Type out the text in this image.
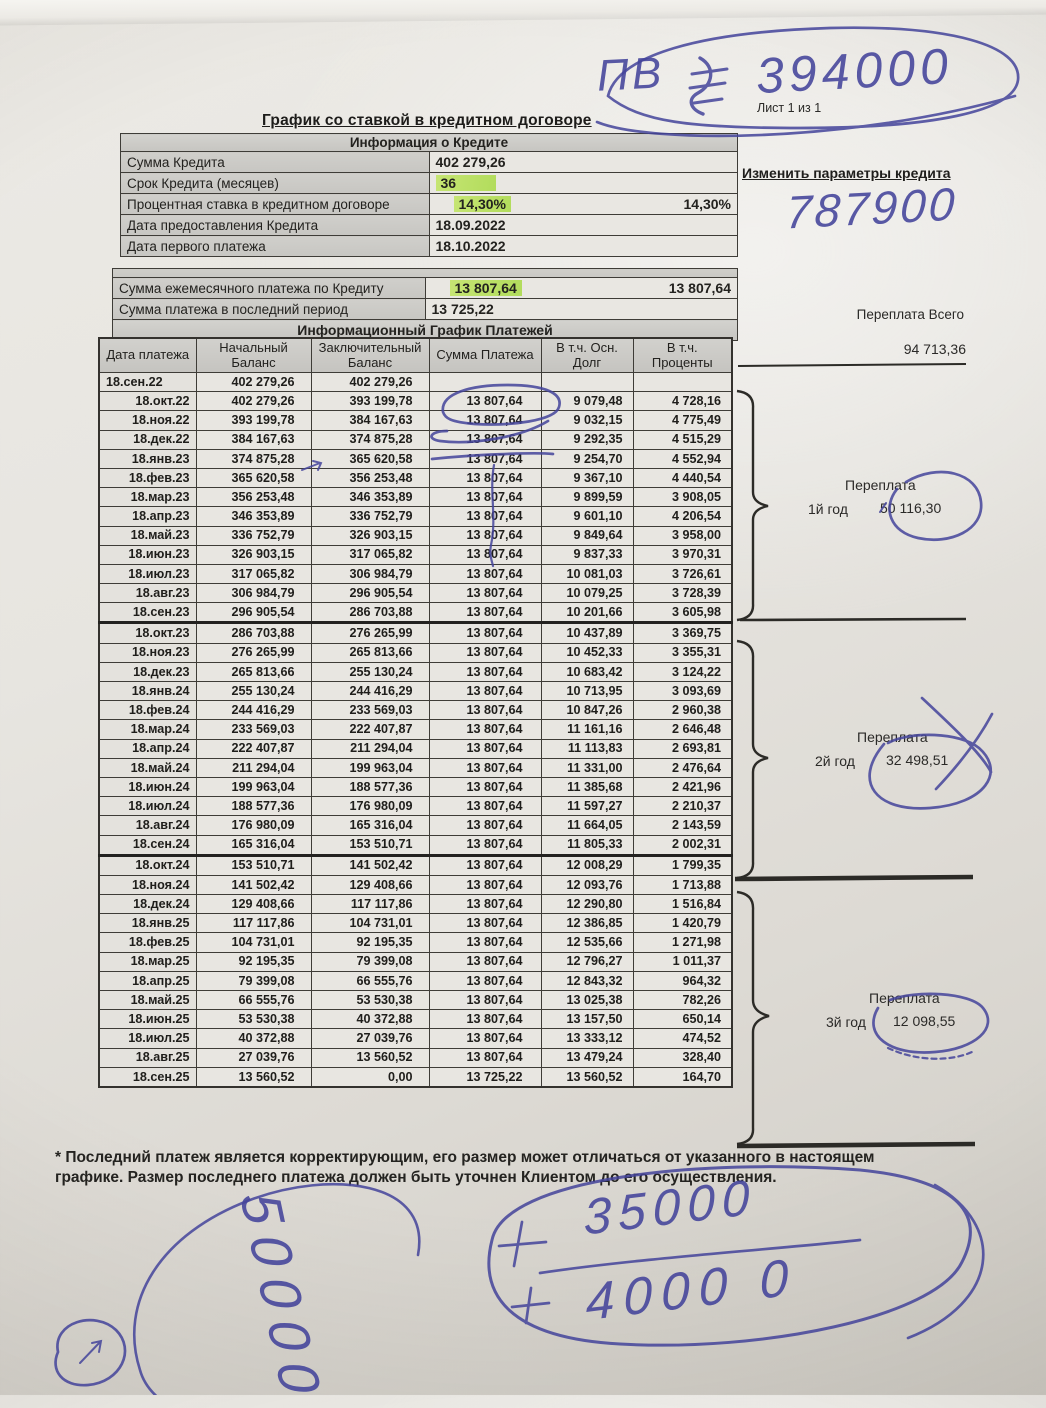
Лист 1 из 1
График со ставкой в кредитном договоре
Изменить параметры кредита
Информация о Кредите	
Сумма Кредита	402 279,26
Срок Кредита (месяцев)	36
Процентная ставка в кредитном договоре	14,30% 14,30%

Дата предоставления Кредита	18.09.2022
Дата первого платежа	18.10.2022

Сумма ежемесячного платежа по Кредиту	13 807,64 13 807,64

Сумма платежа в последний период	13 725,22
Информационный График Платежей	
Переплата Всего
94 713,36
Дата платежа	Начальный Баланс	Заключительный Баланс	Сумма Платежа	В т.ч. Осн. Долг	В т.ч. Проценты
18.сен.22	402 279,26	402 279,26			
18.окт.22	402 279,26	393 199,78	13 807,64	9 079,48	4 728,16
18.ноя.22	393 199,78	384 167,63	13 807,64	9 032,15	4 775,49
18.дек.22	384 167,63	374 875,28	13 807,64	9 292,35	4 515,29
18.янв.23	374 875,28	365 620,58	13 807,64	9 254,70	4 552,94
18.фев.23	365 620,58	356 253,48	13 807,64	9 367,10	4 440,54
18.мар.23	356 253,48	346 353,89	13 807,64	9 899,59	3 908,05
18.апр.23	346 353,89	336 752,79	13 807,64	9 601,10	4 206,54
18.май.23	336 752,79	326 903,15	13 807,64	9 849,64	3 958,00
18.июн.23	326 903,15	317 065,82	13 807,64	9 837,33	3 970,31
18.июл.23	317 065,82	306 984,79	13 807,64	10 081,03	3 726,61
18.авг.23	306 984,79	296 905,54	13 807,64	10 079,25	3 728,39
18.сен.23	296 905,54	286 703,88	13 807,64	10 201,66	3 605,98
18.окт.23	286 703,88	276 265,99	13 807,64	10 437,89	3 369,75
18.ноя.23	276 265,99	265 813,66	13 807,64	10 452,33	3 355,31
18.дек.23	265 813,66	255 130,24	13 807,64	10 683,42	3 124,22
18.янв.24	255 130,24	244 416,29	13 807,64	10 713,95	3 093,69
18.фев.24	244 416,29	233 569,03	13 807,64	10 847,26	2 960,38
18.мар.24	233 569,03	222 407,87	13 807,64	11 161,16	2 646,48
18.апр.24	222 407,87	211 294,04	13 807,64	11 113,83	2 693,81
18.май.24	211 294,04	199 963,04	13 807,64	11 331,00	2 476,64
18.июн.24	199 963,04	188 577,36	13 807,64	11 385,68	2 421,96
18.июл.24	188 577,36	176 980,09	13 807,64	11 597,27	2 210,37
18.авг.24	176 980,09	165 316,04	13 807,64	11 664,05	2 143,59
18.сен.24	165 316,04	153 510,71	13 807,64	11 805,33	2 002,31
18.окт.24	153 510,71	141 502,42	13 807,64	12 008,29	1 799,35
18.ноя.24	141 502,42	129 408,66	13 807,64	12 093,76	1 713,88
18.дек.24	129 408,66	117 117,86	13 807,64	12 290,80	1 516,84
18.янв.25	117 117,86	104 731,01	13 807,64	12 386,85	1 420,79
18.фев.25	104 731,01	92 195,35	13 807,64	12 535,66	1 271,98
18.мар.25	92 195,35	79 399,08	13 807,64	12 796,27	1 011,37
18.апр.25	79 399,08	66 555,76	13 807,64	12 843,32	964,32
18.май.25	66 555,76	53 530,38	13 807,64	13 025,38	782,26
18.июн.25	53 530,38	40 372,88	13 807,64	13 157,50	650,14
18.июл.25	40 372,88	27 039,76	13 807,64	13 333,12	474,52
18.авг.25	27 039,76	13 560,52	13 807,64	13 479,24	328,40
18.сен.25	13 560,52	0,00	13 725,22	13 560,52	164,70
Переплата
1й год 50 116,30
Переплата
2й год 32 498,51
Переплата
3й год 12 098,55
* Последний платеж является корректирующим, его размер может отличаться от указанного в настоящем графике. Размер последнего платежа должен быть уточнен Клиентом до его осуществления.
ПВ 394000
787900
35000
4000 0
50000
